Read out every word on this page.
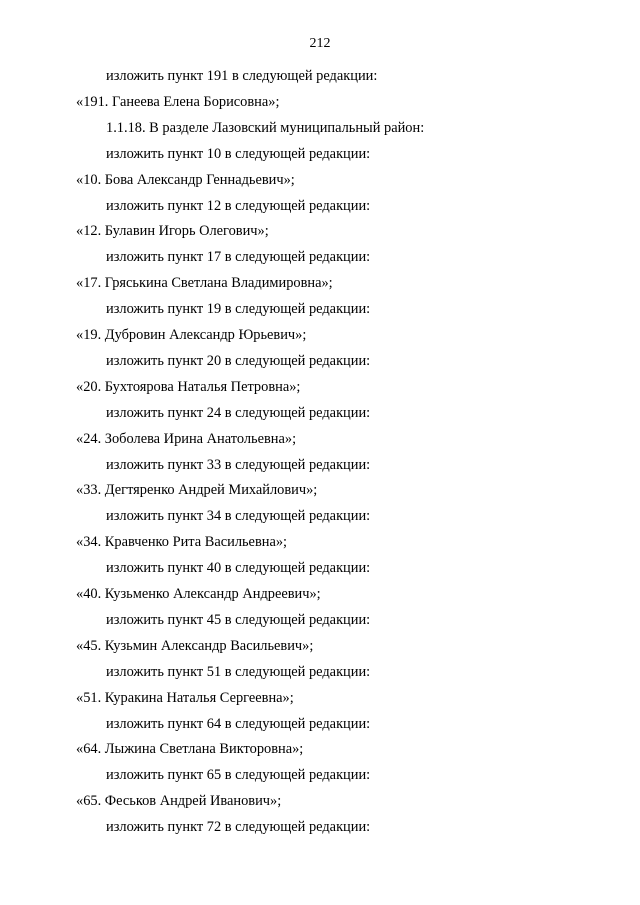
212
изложить пункт 191 в следующей редакции:
«191. Ганеева Елена Борисовна»;
1.1.18. В разделе Лазовский муниципальный район:
изложить пункт 10 в следующей редакции:
«10. Бова Александр Геннадьевич»;
изложить пункт 12 в следующей редакции:
«12. Булавин Игорь Олегович»;
изложить пункт 17 в следующей редакции:
«17. Гряськина Светлана Владимировна»;
изложить пункт 19 в следующей редакции:
«19. Дубровин Александр Юрьевич»;
изложить пункт 20 в следующей редакции:
«20. Бухтоярова Наталья Петровна»;
изложить пункт 24 в следующей редакции:
«24. Зоболева Ирина Анатольевна»;
изложить пункт 33 в следующей редакции:
«33. Дегтяренко Андрей Михайлович»;
изложить пункт 34 в следующей редакции:
«34. Кравченко Рита Васильевна»;
изложить пункт 40 в следующей редакции:
«40. Кузьменко Александр Андреевич»;
изложить пункт 45 в следующей редакции:
«45. Кузьмин Александр Васильевич»;
изложить пункт 51 в следующей редакции:
«51. Куракина Наталья Сергеевна»;
изложить пункт 64 в следующей редакции:
«64. Лыжина Светлана Викторовна»;
изложить пункт 65 в следующей редакции:
«65. Феськов Андрей Иванович»;
изложить пункт 72 в следующей редакции:
